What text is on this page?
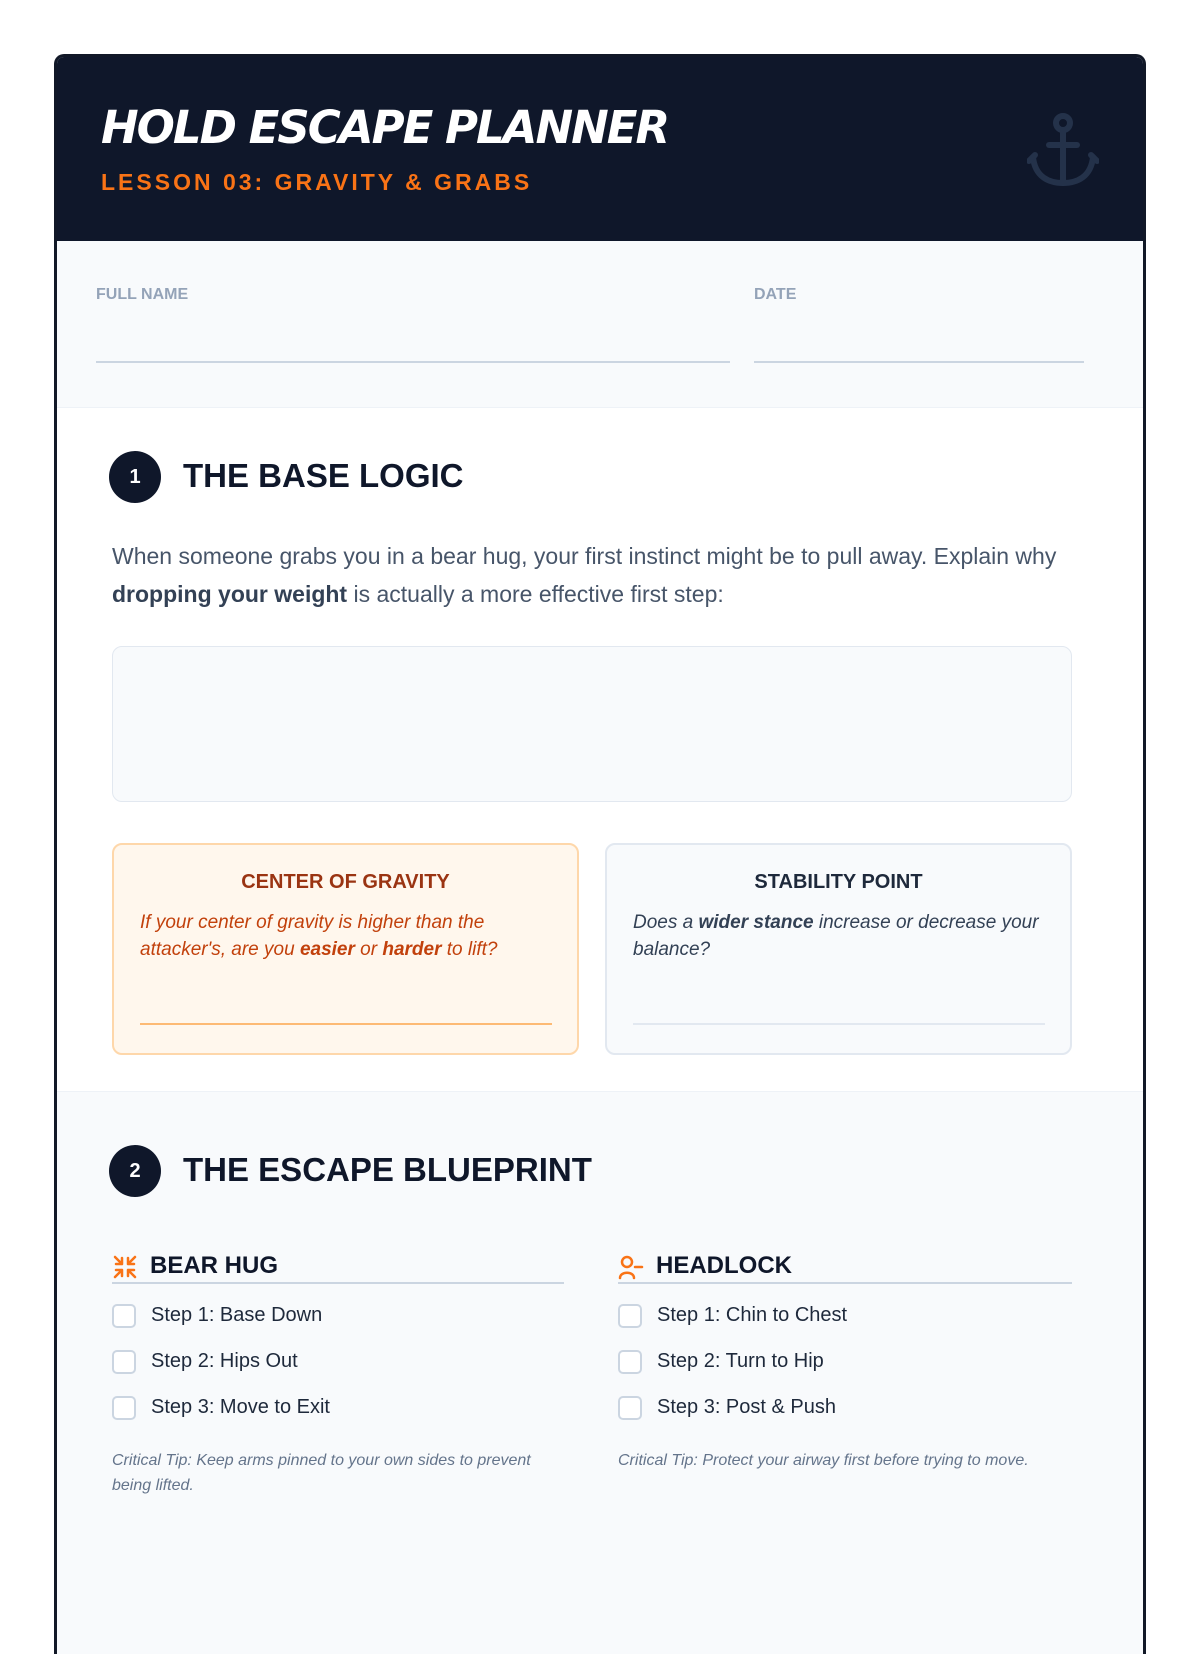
HOLD ESCAPE PLANNER
LESSON 03: GRAVITY & GRABS
FULL NAME	DATE
1	THE BASE LOGIC
When someone grabs you in a bear hug, your first instinct might be to pull away. Explain why dropping your weight is actually a more effective first step:
CENTER OF GRAVITY
If your center of gravity is higher than the attacker's, are you easier or harder to lift?
STABILITY POINT
Does a wider stance increase or decrease your balance?
2	THE ESCAPE BLUEPRINT
BEAR HUG
Step 1: Base Down
Step 2: Hips Out
Step 3: Move to Exit
Critical Tip: Keep arms pinned to your own sides to prevent being lifted.
HEADLOCK
Step 1: Chin to Chest
Step 2: Turn to Hip
Step 3: Post & Push
Critical Tip: Protect your airway first before trying to move.
